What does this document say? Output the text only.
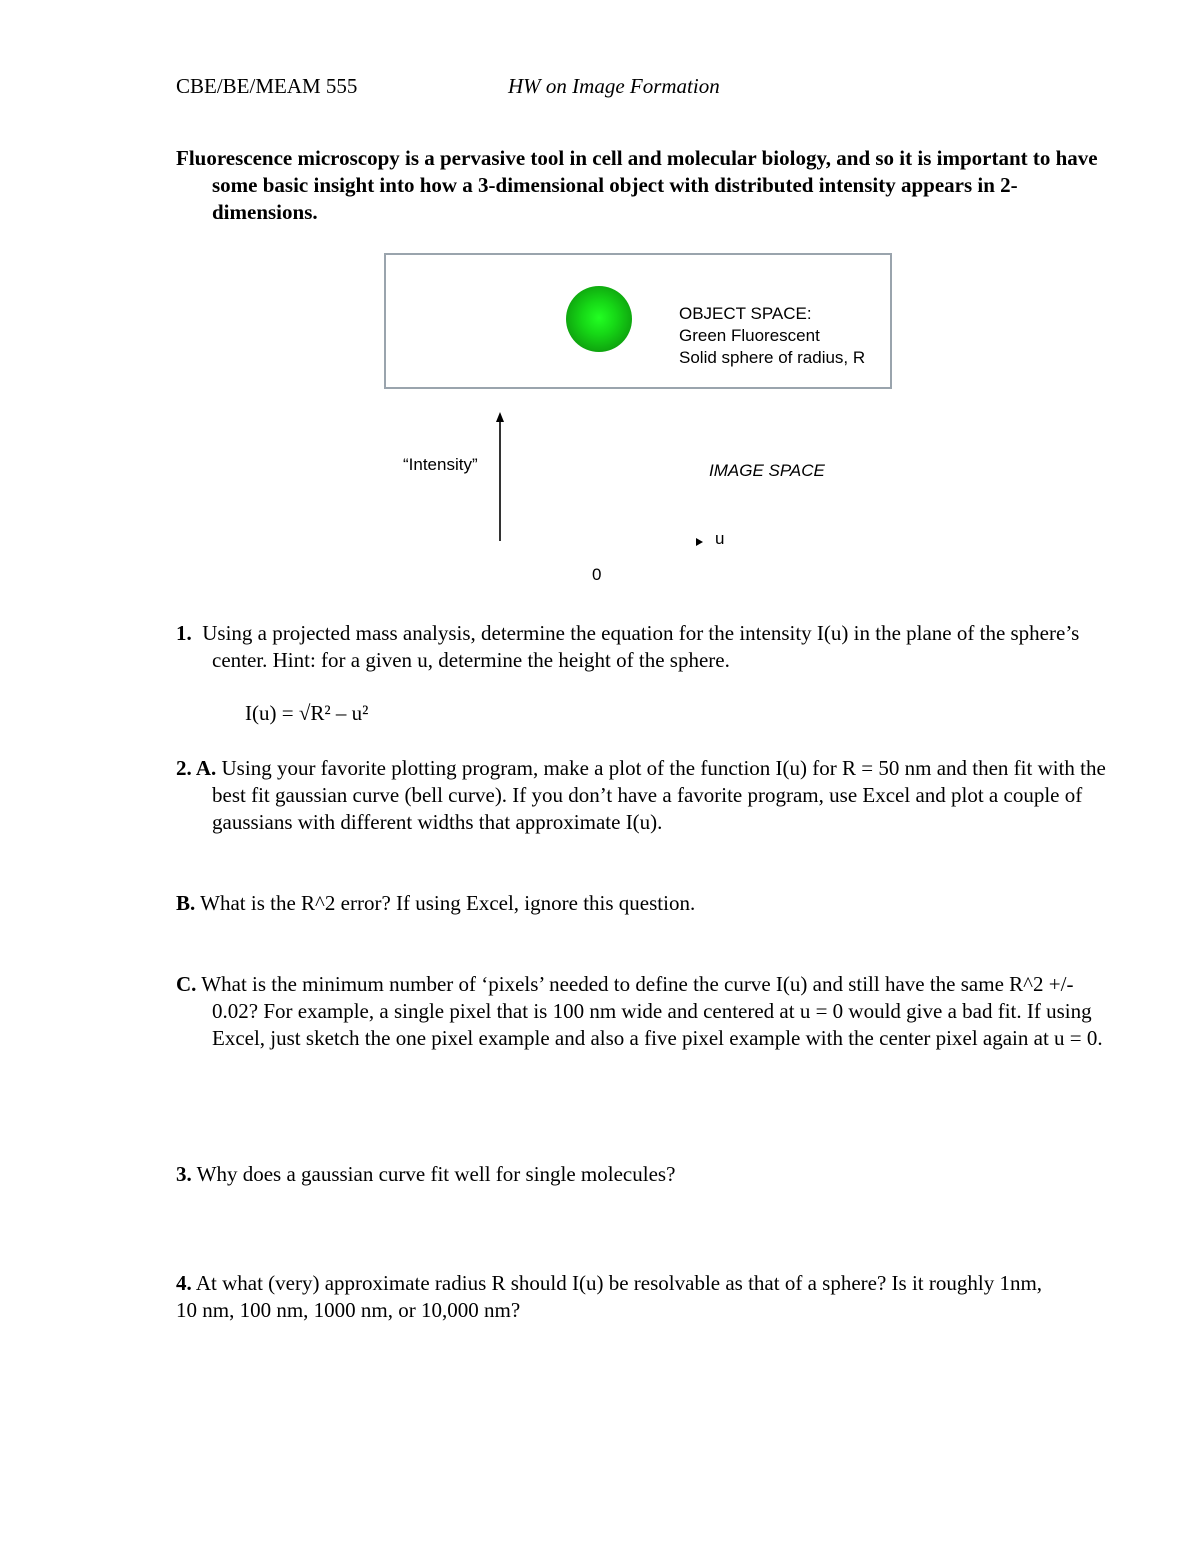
CBE/BE/MEAM 555	HW on Image Formation
Fluorescence microscopy is a pervasive tool in cell and molecular biology, and so it is important to have some basic insight into how a 3-dimensional object with distributed intensity appears in 2-dimensions.
OBJECT SPACE:
Green Fluorescent
Solid sphere of radius, R
“Intensity”	IMAGE SPACE
u
0
1. Using a projected mass analysis, determine the equation for the intensity I(u) in the plane of the sphere’s center. Hint: for a given u, determine the height of the sphere.
I(u) = √R² – u²
2. A. Using your favorite plotting program, make a plot of the function I(u) for R = 50 nm and then fit with the best fit gaussian curve (bell curve). If you don’t have a favorite program, use Excel and plot a couple of gaussians with different widths that approximate I(u).
B. What is the R^2 error? If using Excel, ignore this question.
C. What is the minimum number of ‘pixels’ needed to define the curve I(u) and still have the same R^2 +/- 0.02? For example, a single pixel that is 100 nm wide and centered at u = 0 would give a bad fit. If using Excel, just sketch the one pixel example and also a five pixel example with the center pixel again at u = 0.
3. Why does a gaussian curve fit well for single molecules?
4. At what (very) approximate radius R should I(u) be resolvable as that of a sphere? Is it roughly 1nm, 10 nm, 100 nm, 1000 nm, or 10,000 nm?
